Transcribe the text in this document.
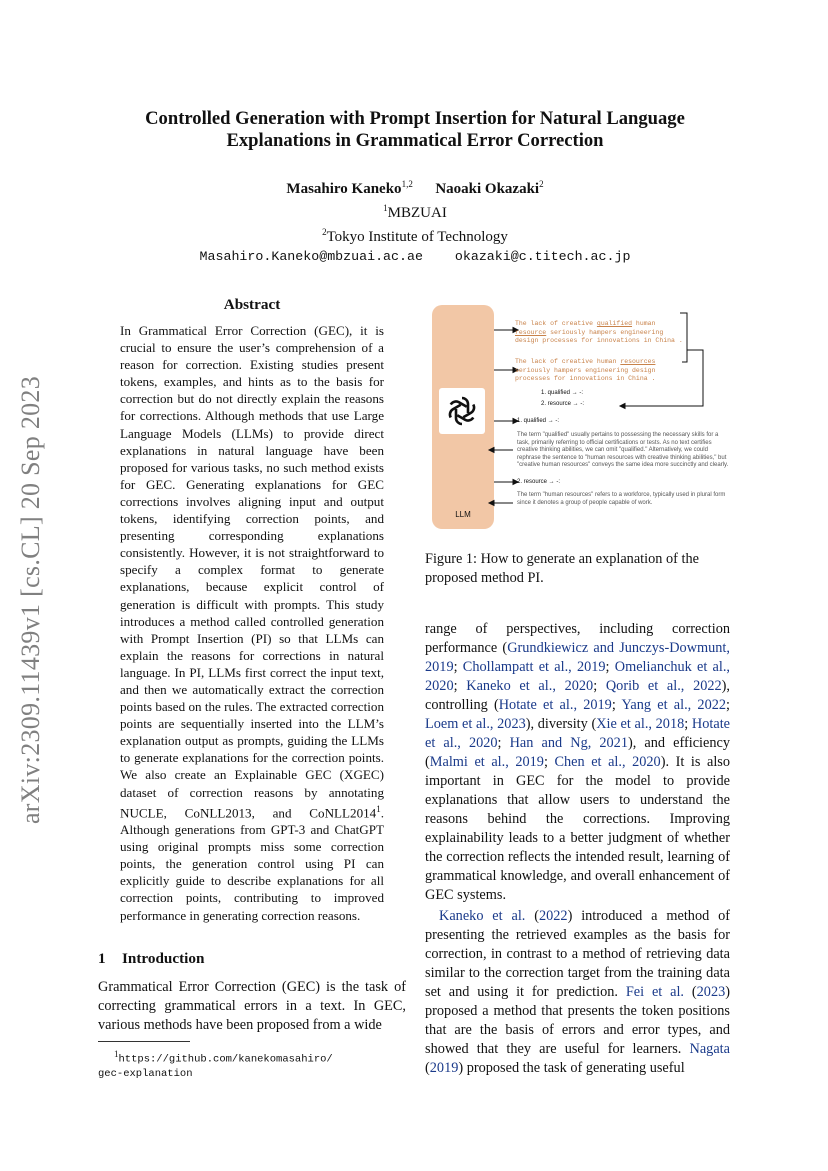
Controlled Generation with Prompt Insertion for Natural Language
Explanations in Grammatical Error Correction
Masahiro Kaneko$^{1,2}$ Naoaki Okazaki$^2$
$^1$MBZUAI
$^2$Tokyo Institute of Technology
Masahiro.Kaneko@mbzuai.ac.ae okazaki@c.titech.ac.jp
arXiv:2309.11439v1 [cs.CL] 20 Sep 2023
Abstract
In Grammatical Error Correction (GEC), it is crucial to ensure the user’s comprehension of a reason for correction. Existing studies present tokens, examples, and hints as to the basis for correction but do not directly explain the reasons for corrections. Although methods that use Large Language Models (LLMs) to provide direct explanations in natural language have been proposed for various tasks, no such method exists for GEC. Generating explanations for GEC corrections involves aligning input and output tokens, identifying correction points, and presenting corresponding explanations consistently. However, it is not straightforward to specify a complex format to generate explanations, because explicit control of generation is difficult with prompts. This study introduces a method called controlled generation with Prompt Insertion (PI) so that LLMs can explain the reasons for corrections in natural language. In PI, LLMs first correct the input text, and then we automatically extract the correction points based on the rules. The extracted correction points are sequentially inserted into the LLM’s explanation output as prompts, guiding the LLMs to generate explanations for the correction points. We also create an Explainable GEC (XGEC) dataset of correction reasons by annotating NUCLE, CoNLL2013, and CoNLL2014$^1$. Although generations from GPT-3 and ChatGPT using original prompts miss some correction points, the generation control using PI can explicitly guide to describe explanations for all correction points, contributing to improved performance in generating correction reasons.
1 Introduction

Grammatical Error Correction (GEC) is the task of correcting grammatical errors in a text. In GEC, various methods have been proposed from a wide

$^1$https://github.com/kanekomasahiro/
gec-explanation
LLM
The lack of creative qualified human
resource seriously hampers engineering
design processes for innovations in China .
The lack of creative human resources
seriously hampers engineering design
processes for innovations in China .
1. qualified → -:
2. resource → -:
1. qualified → -:
The term "qualified" usually pertains to possessing the necessary skills for a task, primarily referring to official certifications or tests. As no text certifies creative thinking abilities, we can omit "qualified." Alternatively, we could rephrase the sentence to "human resources with creative thinking abilities," but "creative human resources" conveys the same idea more succinctly and clearly.
2. resource → -:
The term "human resources" refers to a workforce, typically used in plural form since it denotes a group of people capable of work.
Figure 1: How to generate an explanation of the proposed method PI.

range of perspectives, including correction performance (Grundkiewicz and Junczys-Dowmunt, 2019; Chollampatt et al., 2019; Omelianchuk et al., 2020; Kaneko et al., 2020; Qorib et al., 2022), controlling (Hotate et al., 2019; Yang et al., 2022; Loem et al., 2023), diversity (Xie et al., 2018; Hotate et al., 2020; Han and Ng, 2021), and efficiency (Malmi et al., 2019; Chen et al., 2020). It is also important in GEC for the model to provide explanations that allow users to understand the reasons behind the corrections. Improving explainability leads to a better judgment of whether the correction reflects the intended result, learning of grammatical knowledge, and overall enhancement of GEC systems.

Kaneko et al. (2022) introduced a method of presenting the retrieved examples as the basis for correction, in contrast to a method of retrieving data similar to the correction target from the training data set and using it for prediction. Fei et al. (2023) proposed a method that presents the token positions that are the basis of errors and error types, and showed that they are useful for learners. Nagata (2019) proposed the task of generating useful
